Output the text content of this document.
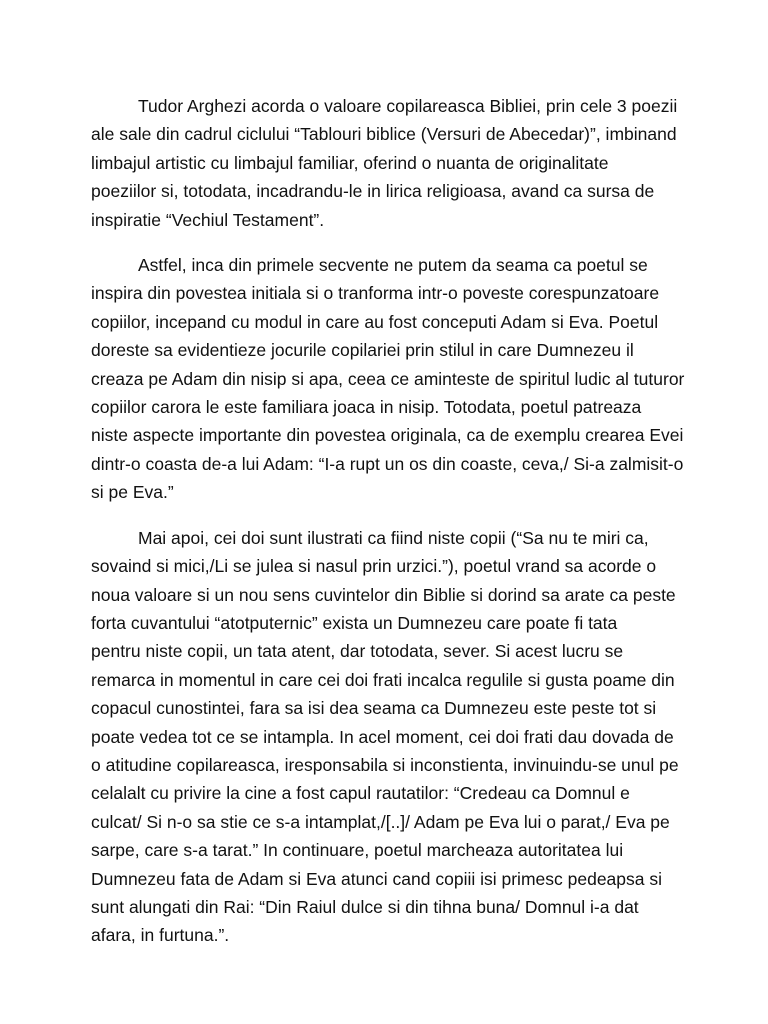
Tudor Arghezi acorda o valoare copilareasca Bibliei, prin cele 3 poezii
ale sale din cadrul ciclului “Tablouri biblice (Versuri de Abecedar)”, imbinand
limbajul artistic cu limbajul familiar, oferind o nuanta de originalitate
poeziilor si, totodata, incadrandu-le in lirica religioasa, avand ca sursa de
inspiratie “Vechiul Testament”.
Astfel, inca din primele secvente ne putem da seama ca poetul se
inspira din povestea initiala si o tranforma intr-o poveste corespunzatoare
copiilor, incepand cu modul in care au fost conceputi Adam si Eva. Poetul
doreste sa evidentieze jocurile copilariei prin stilul in care Dumnezeu il
creaza pe Adam din nisip si apa, ceea ce aminteste de spiritul ludic al tuturor
copiilor carora le este familiara joaca in nisip. Totodata, poetul patreaza
niste aspecte importante din povestea originala, ca de exemplu crearea Evei
dintr-o coasta de-a lui Adam: “I-a rupt un os din coaste, ceva,/ Si-a zalmisit-o
si pe Eva.”
Mai apoi, cei doi sunt ilustrati ca fiind niste copii (“Sa nu te miri ca,
sovaind si mici,/Li se julea si nasul prin urzici.”), poetul vrand sa acorde o
noua valoare si un nou sens cuvintelor din Biblie si dorind sa arate ca peste
forta cuvantului “atotputernic” exista un Dumnezeu care poate fi tata
pentru niste copii, un tata atent, dar totodata, sever. Si acest lucru se
remarca in momentul in care cei doi frati incalca regulile si gusta poame din
copacul cunostintei, fara sa isi dea seama ca Dumnezeu este peste tot si
poate vedea tot ce se intampla. In acel moment, cei doi frati dau dovada de
o atitudine copilareasca, iresponsabila si inconstienta, invinuindu-se unul pe
celalalt cu privire la cine a fost capul rautatilor: “Credeau ca Domnul e
culcat/ Si n-o sa stie ce s-a intamplat,/[..]/ Adam pe Eva lui o parat,/ Eva pe
sarpe, care s-a tarat.” In continuare, poetul marcheaza autoritatea lui
Dumnezeu fata de Adam si Eva atunci cand copiii isi primesc pedeapsa si
sunt alungati din Rai: “Din Raiul dulce si din tihna buna/ Domnul i-a dat
afara, in furtuna.”.
